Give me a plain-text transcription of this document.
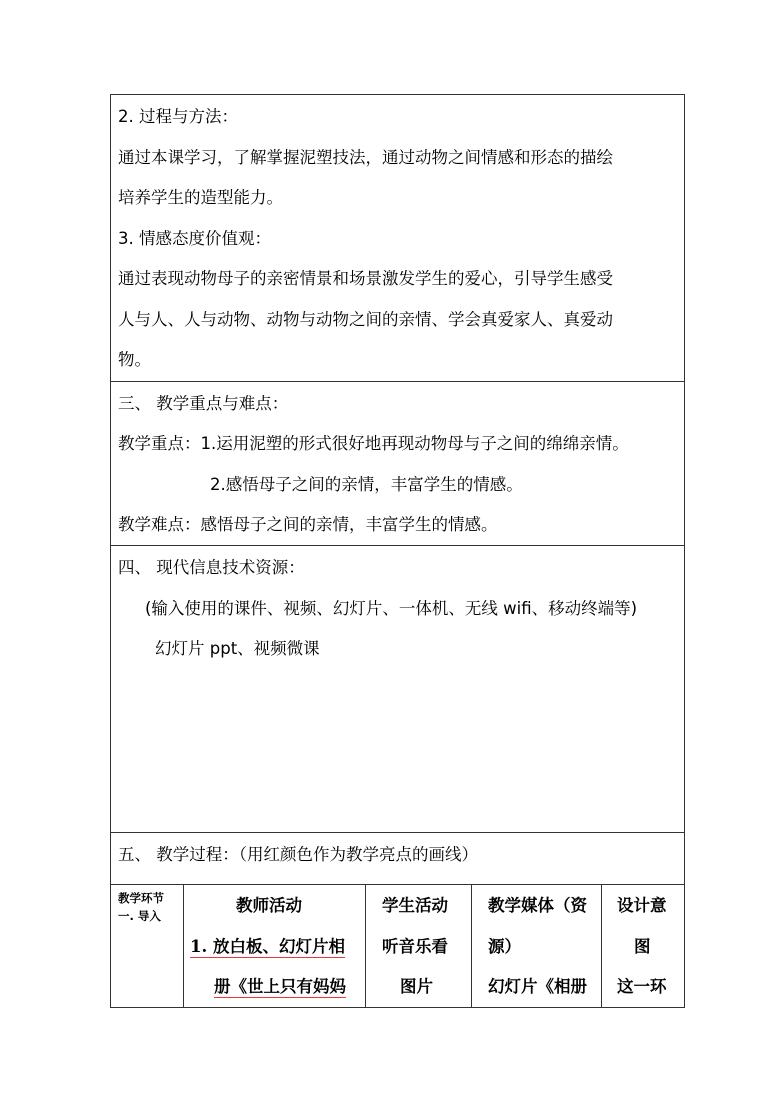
2. 过程与方法：
通过本课学习，了解掌握泥塑技法，通过动物之间情感和形态的描绘
培养学生的造型能力。
3. 情感态度价值观：
通过表现动物母子的亲密情景和场景激发学生的爱心，引导学生感受
人与人、人与动物、动物与动物之间的亲情、学会真爱家人、真爱动
物。
三、 教学重点与难点：
教学重点：1.运用泥塑的形式很好地再现动物母与子之间的绵绵亲情。
2.感悟母子之间的亲情，丰富学生的情感。
教学难点：感悟母子之间的亲情，丰富学生的情感。
四、 现代信息技术资源：
(输入使用的课件、视频、幻灯片、一体机、无线 wifi、移动终端等)
幻灯片 ppt、视频微课
五、 教学过程：（用红颜色作为教学亮点的画线）
教学环节
一. 导入
教师活动
1. 放白板、幻灯片相
册《世上只有妈妈
学生活动
听音乐看
图片
教学媒体（资
源）
幻灯片《相册
设计意
图
这一环
